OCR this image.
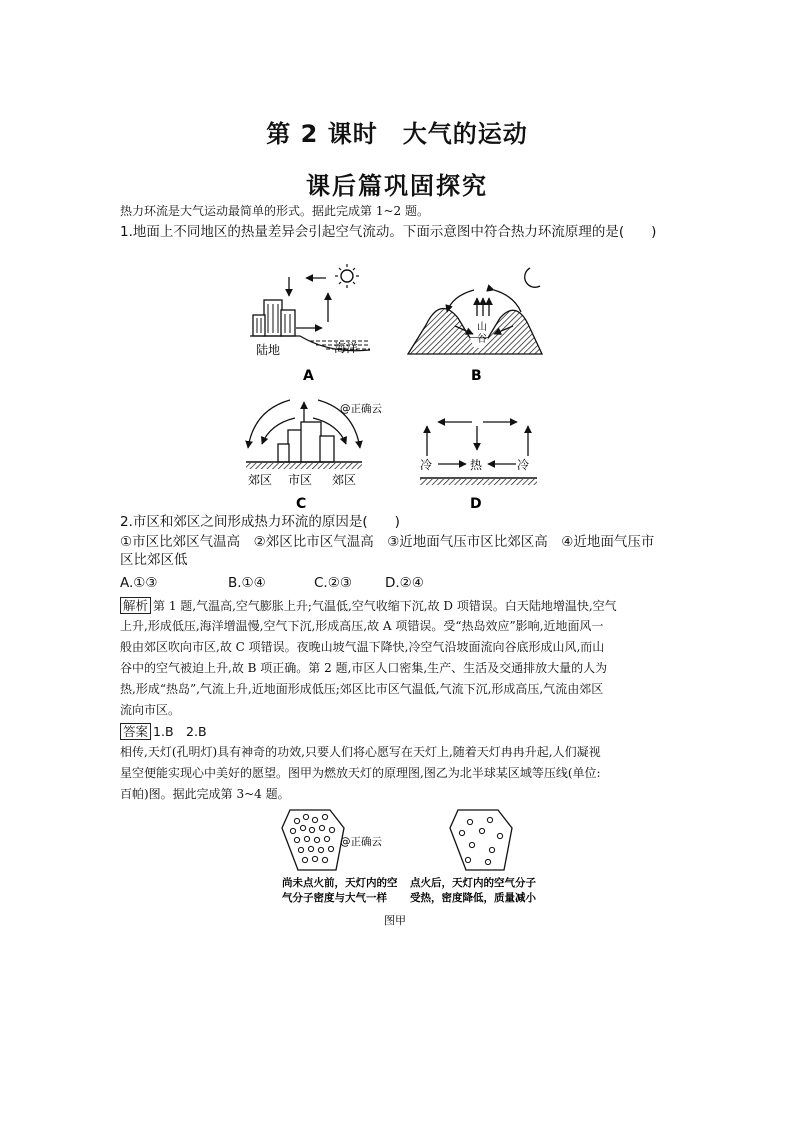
第 2 课时　大气的运动
课后篇巩固探究
热力环流是大气运动最简单的形式。据此完成第 1~2 题。
1.地面上不同地区的热量差异会引起空气流动。下面示意图中符合热力环流原理的是(　　)
陆地	海洋
A
山
谷
B
@正确云
郊区 市区 郊区
C
冷	热	冷
D
2.市区和郊区之间形成热力环流的原因是(　　)
①市区比郊区气温高　②郊区比市区气温高　③近地面气压市区比郊区高　④近地面气压市
区比郊区低
A.①③	B.①④	C.②③ D.②④
解析 第 1 题,气温高,空气膨胀上升;气温低,空气收缩下沉,故 D 项错误。白天陆地增温快,空气
上升,形成低压,海洋增温慢,空气下沉,形成高压,故 A 项错误。受“热岛效应”影响,近地面风一
般由郊区吹向市区,故 C 项错误。夜晚山坡气温下降快,冷空气沿坡面流向谷底形成山风,而山
谷中的空气被迫上升,故 B 项正确。第 2 题,市区人口密集,生产、生活及交通排放大量的人为
热,形成“热岛”,气流上升,近地面形成低压;郊区比市区气温低,气流下沉,形成高压,气流由郊区
流向市区。
答案 1.B　2.B
相传,天灯(孔明灯)具有神奇的功效,只要人们将心愿写在天灯上,随着天灯冉冉升起,人们凝视
星空便能实现心中美好的愿望。图甲为燃放天灯的原理图,图乙为北半球某区域等压线(单位:
百帕)图。据此完成第 3~4 题。
@正确云
尚未点火前，天灯内的空
气分子密度与大气一样
点火后，天灯内的空气分子
受热，密度降低，质量减小
图甲
